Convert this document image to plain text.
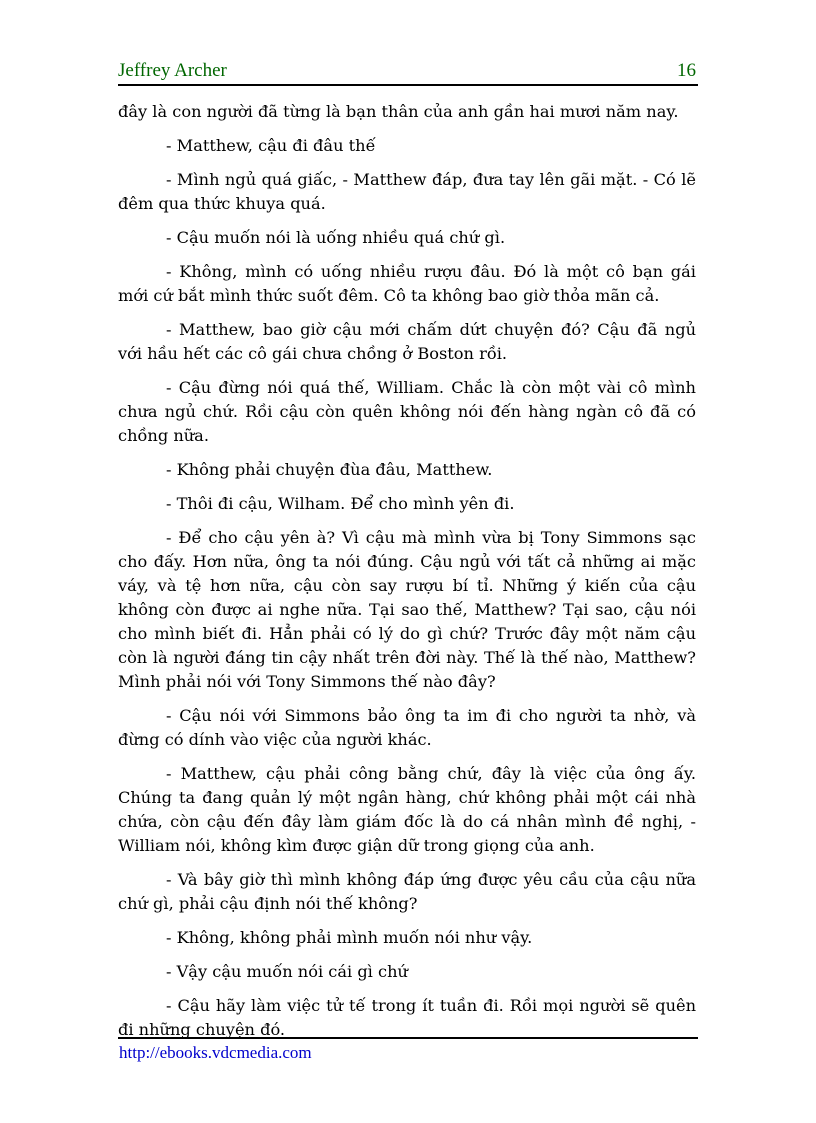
Jeffrey Archer	16

đây là con người đã từng là bạn thân của anh gần hai mươi năm nay.

- Matthew, cậu đi đâu thế

- Mình ngủ quá giấc, - Matthew đáp, đưa tay lên gãi mặt. - Có lẽ đêm qua thức khuya quá.

- Cậu muốn nói là uống nhiều quá chứ gì.

- Không, mình có uống nhiều rượu đâu. Đó là một cô bạn gái mới cứ bắt mình thức suốt đêm. Cô ta không bao giờ thỏa mãn cả.

- Matthew, bao giờ cậu mới chấm dứt chuyện đó? Cậu đã ngủ với hầu hết các cô gái chưa chồng ở Boston rồi.

- Cậu đừng nói quá thế, William. Chắc là còn một vài cô mình chưa ngủ chứ. Rồi cậu còn quên không nói đến hàng ngàn cô đã có chồng nữa.

- Không phải chuyện đùa đâu, Matthew.

- Thôi đi cậu, Wilham. Để cho mình yên đi.

- Để cho cậu yên à? Vì cậu mà mình vừa bị Tony Simmons sạc cho đấy. Hơn nữa, ông ta nói đúng. Cậu ngủ với tất cả những ai mặc váy, và tệ hơn nữa, cậu còn say rượu bí tỉ. Những ý kiến của cậu không còn được ai nghe nữa. Tại sao thế, Matthew? Tại sao, cậu nói cho mình biết đi. Hẳn phải có lý do gì chứ? Trước đây một năm cậu còn là người đáng tin cậy nhất trên đời này. Thế là thế nào, Matthew? Mình phải nói với Tony Simmons thế nào đây?

- Cậu nói với Simmons bảo ông ta im đi cho người ta nhờ, và đừng có dính vào việc của người khác.

- Matthew, cậu phải công bằng chứ, đây là việc của ông ấy. Chúng ta đang quản lý một ngân hàng, chứ không phải một cái nhà chứa, còn cậu đến đây làm giám đốc là do cá nhân mình đề nghị, - William nói, không kìm được giận dữ trong giọng của anh.

- Và bây giờ thì mình không đáp ứng được yêu cầu của cậu nữa chứ gì, phải cậu định nói thế không?

- Không, không phải mình muốn nói như vậy.

- Vậy cậu muốn nói cái gì chứ

- Cậu hãy làm việc tử tế trong ít tuần đi. Rồi mọi người sẽ quên đi những chuyện đó.

http://ebooks.vdcmedia.com
